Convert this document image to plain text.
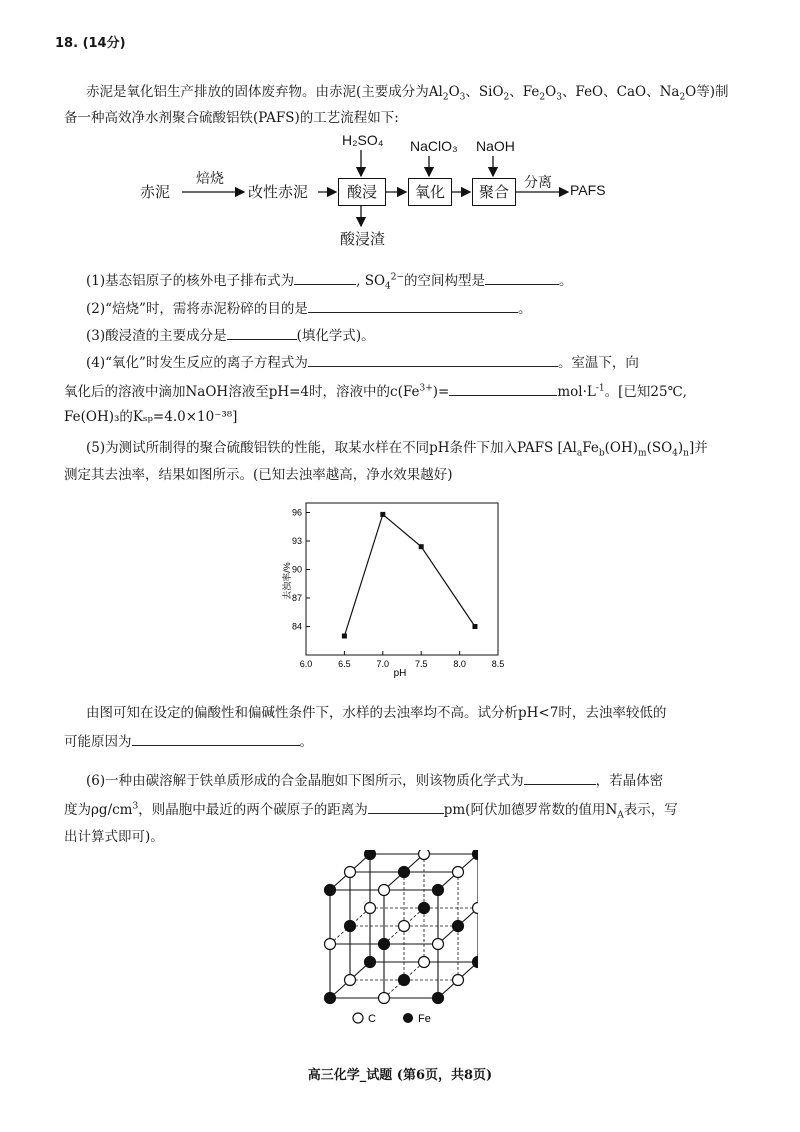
18. (14分)
赤泥是氧化铝生产排放的固体废弃物。由赤泥(主要成分为$Al_2O_3$、SiO$_2$、$Fe_2O_3$、FeO、CaO、$Na_2O$等)制
备一种高效净水剂聚合硫酸铝铁(PAFS)的工艺流程如下:
赤泥
焙烧
改性赤泥	酸浸	氧化	聚合	分离 PAFS
H₂SO₄ NaClO₃ NaOH
酸浸渣
(1)基态铝原子的核外电子排布式为	, $SO_4^{2-}$的空间构型是	。
(2)“焙烧”时，需将赤泥粉碎的目的是	。
(3)酸浸渣的主要成分是	(填化学式)。
(4)“氧化”时发生反应的离子方程式为	。室温下，向
氧化后的溶液中滴加NaOH溶液至pH=4时，溶液中的$c(Fe^{3+})=$	$mol\cdot L^{-1}$。[已知25℃,
Fe(OH)₃的Kₛₚ=4.0×10⁻³⁸]
(5)为测试所制得的聚合硫酸铝铁的性能，取某水样在不同pH条件下加入PAFS $[Al_aFe_b(OH)_m(SO_4)_n]$并
测定其去浊率，结果如图所示。(已知去浊率越高，净水效果越好)
去浊率/%
pH
6.0	6.5	7.0	7.5	8.0	8.5
84
87
90
93
96
由图可知在设定的偏酸性和偏碱性条件下，水样的去浊率均不高。试分析pH<7时，去浊率较低的
可能原因为	。
(6)一种由碳溶解于铁单质形成的合金晶胞如下图所示，则该物质化学式为	，若晶体密
度为$\rho g/cm^3$，则晶胞中最近的两个碳原子的距离为	pm(阿伏加德罗常数的值用$N_A$表示，写
出计算式即可)。
C	Fe
高三化学_试题 (第6页，共8页)
